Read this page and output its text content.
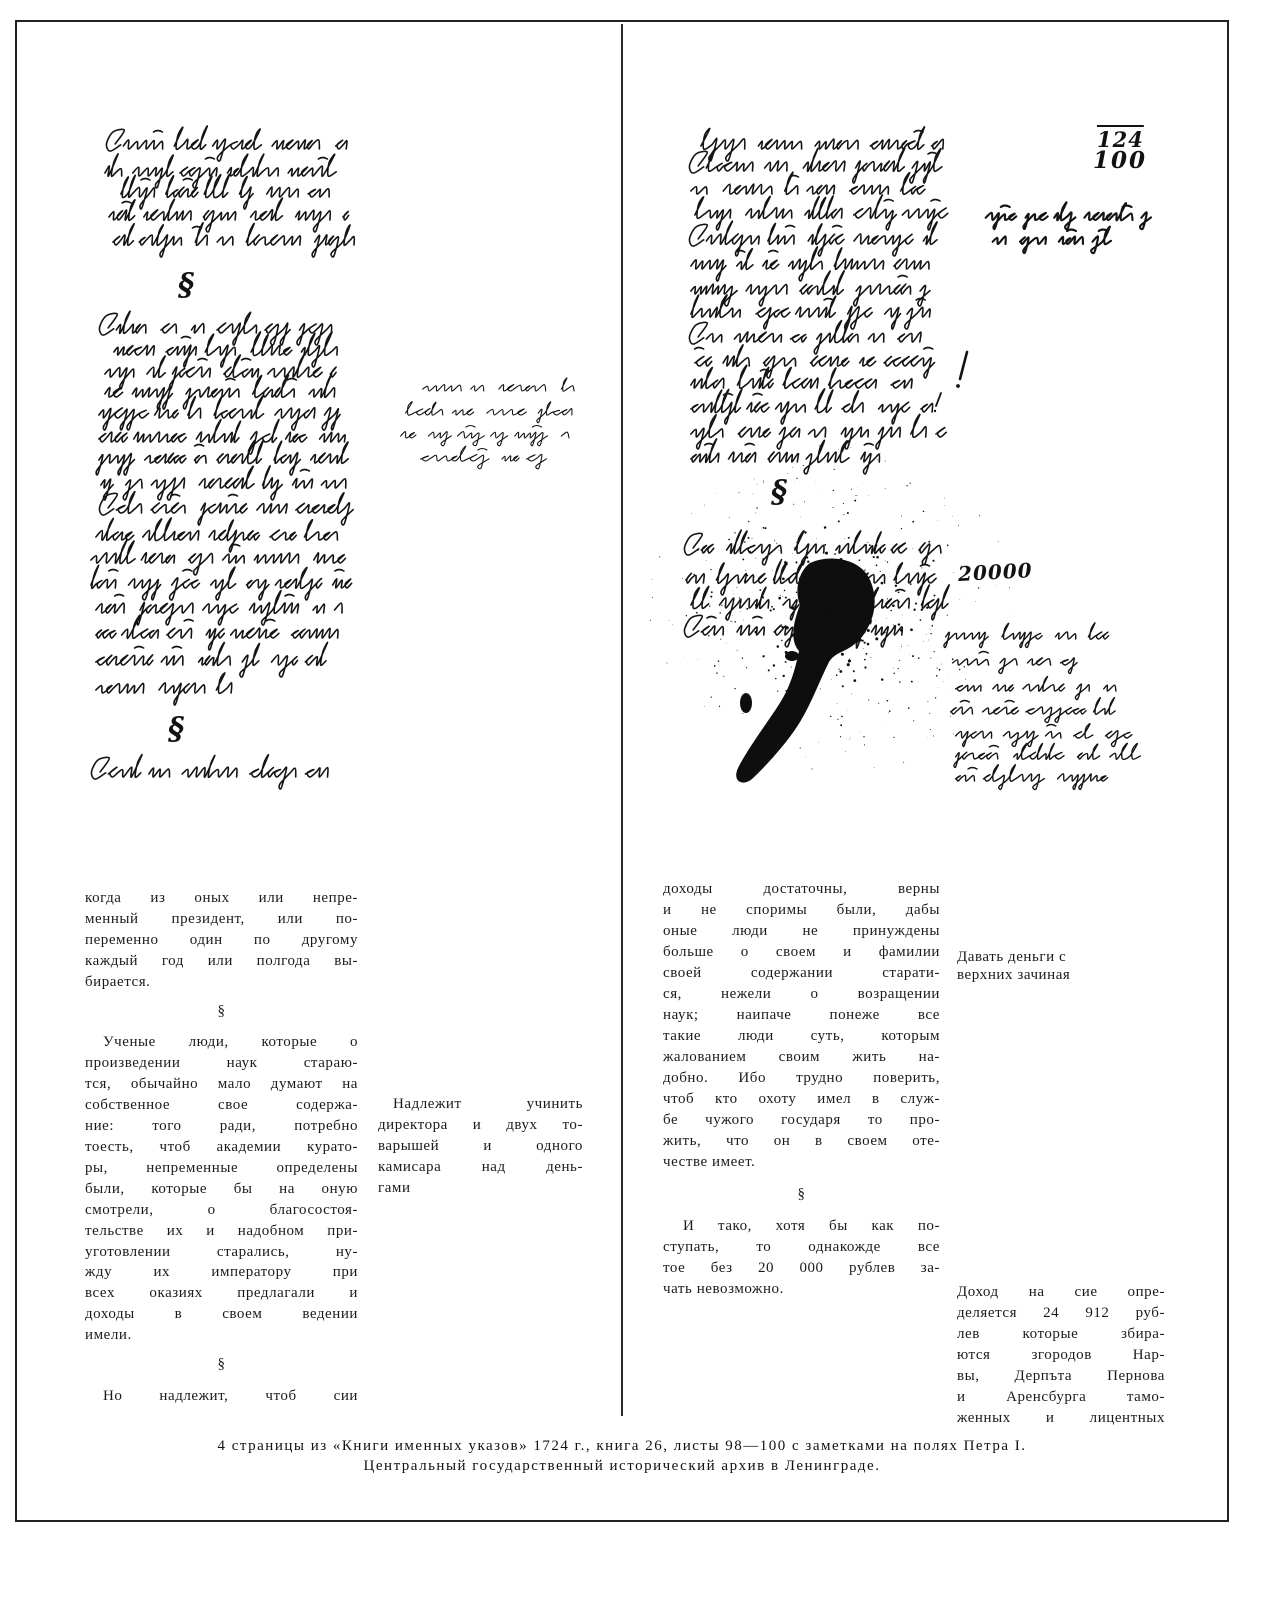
§
§
§
124
100
20000
когда из оных или непре-
менный президент, или по-
переменно один по другому
каждый год или полгода вы-
бирается.
§
Ученые люди, которые о
произведении наук стараю-
тся, обычайно мало думают на
собственное свое содержа-
ние: того ради, потребно
тоесть, чтоб академии курато-
ры, непременные определены
были, которые бы на оную
смотрели, о благосостоя-
тельстве их и надобном при-
уготовлении старались, ну-
жду их императору при
всех оказиях предлагали и
доходы в своем ведении
имели.
§
Но надлежит, чтоб сии
Надлежит учинить
директора и двух то-
варышей и одного
камисара над день-
гами
доходы достаточны, верны
и не споримы были, дабы
оные люди не принуждены
больше о своем и фамилии
своей содержании старати-
ся, нежели о возращении
наук; наипаче понеже все
такие люди суть, которым
жалованием своим жить на-
добно. Ибо трудно поверить,
чтоб кто охоту имел в служ-
бе чужого государя то про-
жить, что он в своем оте-
честве имеет.
§
И тако, хотя бы как по-
ступать, то однакожде все
тое без 20 000 рублев за-
чать невозможно.
Давать деньги с
верхних зачиная
Доход на сие опре-
деляется 24 912 руб-
лев которые збира-
ются згородов Нар-
вы, Дерпъта Пернова
и Аренсбурга тамо-
женных и лицентных
4 страницы из «Книги именных указов» 1724 г., книга 26, листы 98—100 с заметками на полях Петра I.
Центральный государственный исторический архив в Ленинграде.
